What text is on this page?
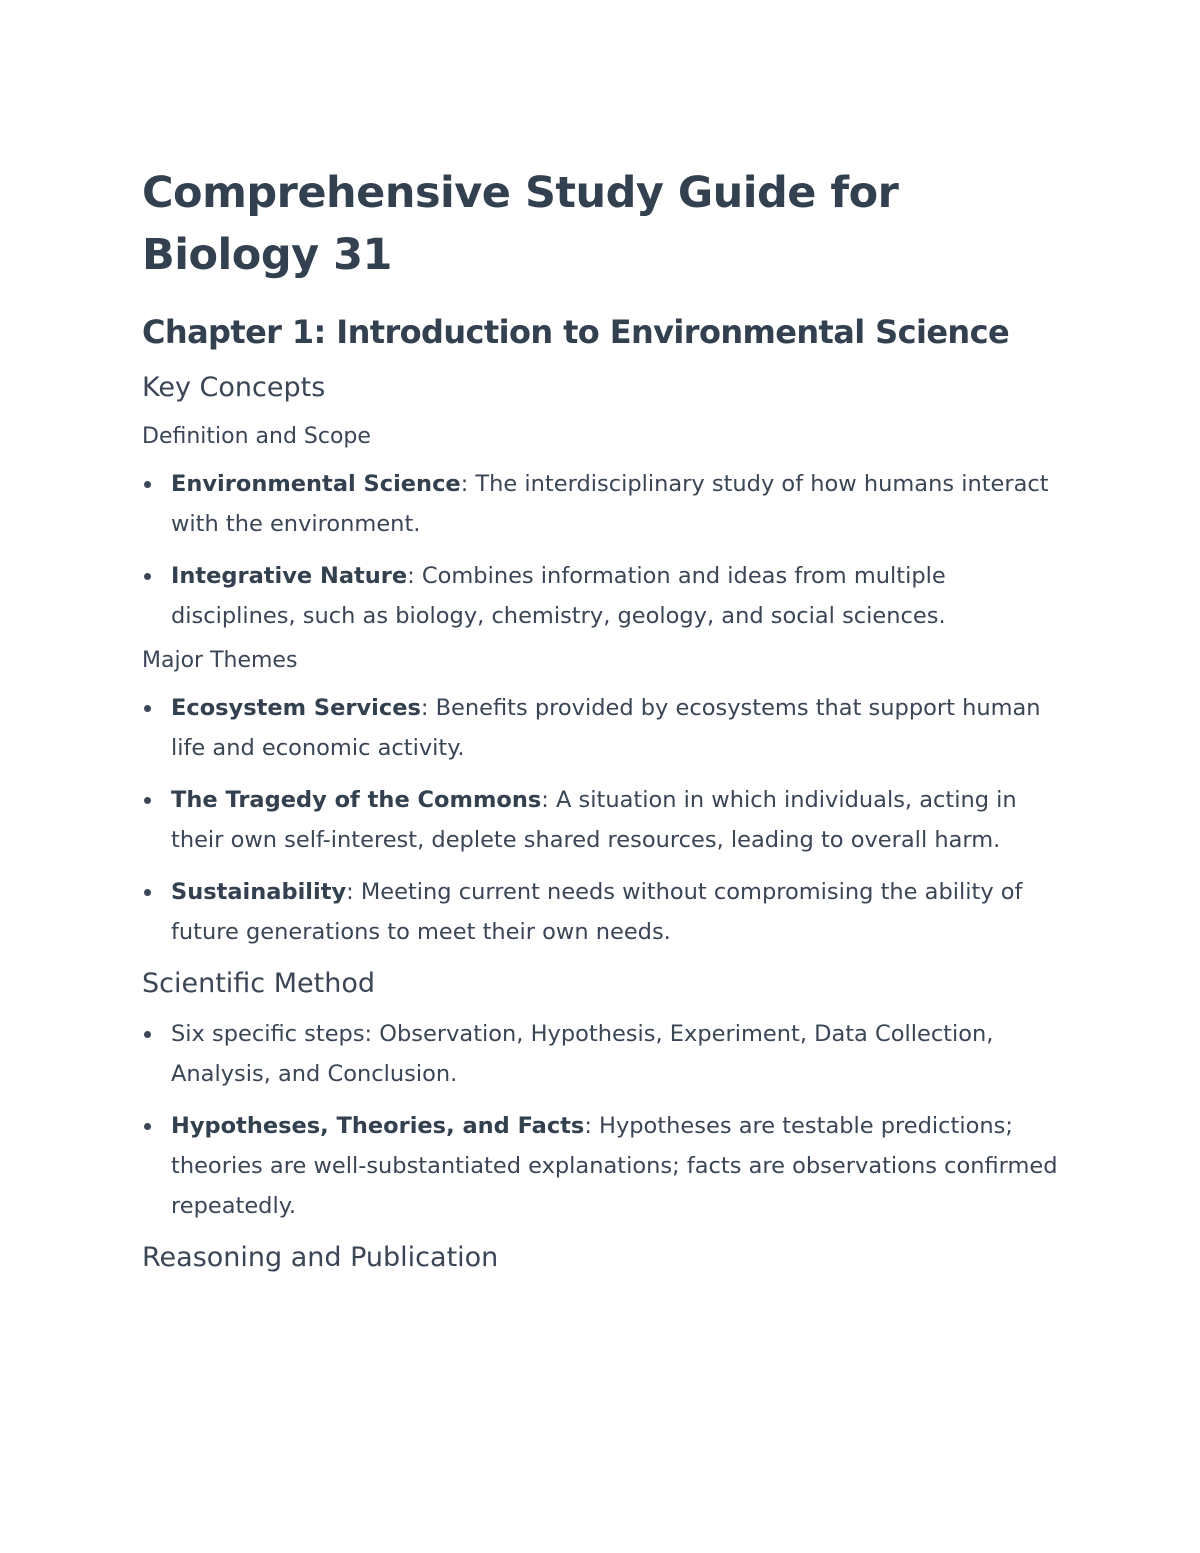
Comprehensive Study Guide for Biology 31
Chapter 1: Introduction to Environmental Science
Key Concepts
Definition and Scope
Environmental Science: The interdisciplinary study of how humans interact with the environment.
Integrative Nature: Combines information and ideas from multiple disciplines, such as biology, chemistry, geology, and social sciences.
Major Themes
Ecosystem Services: Benefits provided by ecosystems that support human life and economic activity.
The Tragedy of the Commons: A situation in which individuals, acting in their own self-interest, deplete shared resources, leading to overall harm.
Sustainability: Meeting current needs without compromising the ability of future generations to meet their own needs.
Scientific Method
Six specific steps: Observation, Hypothesis, Experiment, Data Collection, Analysis, and Conclusion.
Hypotheses, Theories, and Facts: Hypotheses are testable predictions; theories are well-substantiated explanations; facts are observations confirmed repeatedly.
Reasoning and Publication
